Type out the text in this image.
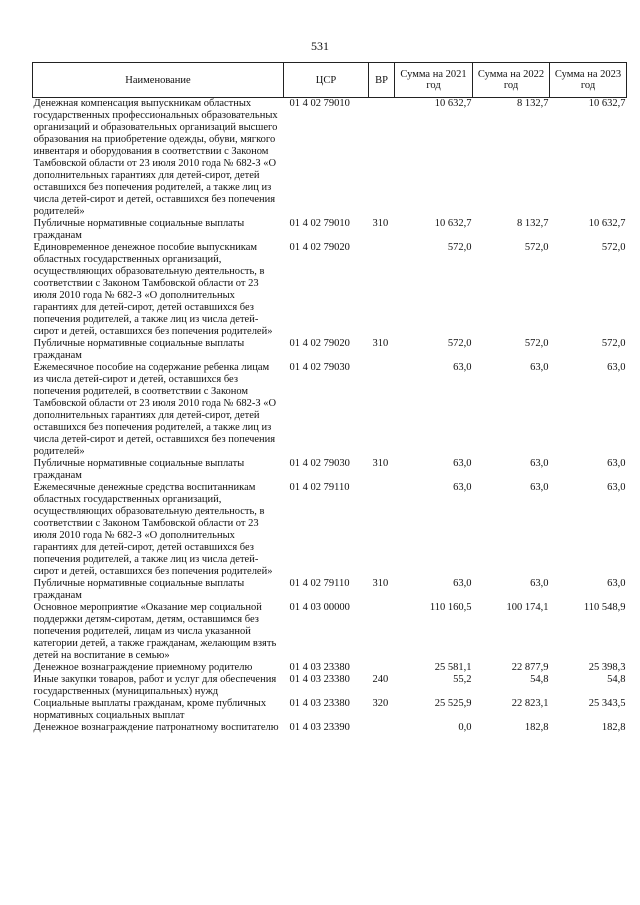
531
Наименование	ЦСР	ВР	Сумма на 2021 год	Сумма на 2022 год	Сумма на 2023 год
Денежная компенсация выпускникам областных государственных профессиональных образовательных организаций и образовательных организаций высшего образования на приобретение одежды, обуви, мягкого инвентаря и оборудования в соответствии с Законом Тамбовской области от 23 июля 2010 года № 682-З «О дополнительных гарантиях для детей-сирот, детей оставшихся без попечения родителей, а также лиц из числа детей-сирот и детей, оставшихся без попечения родителей»	01 4 02 79010		10 632,7	8 132,7	10 632,7
Публичные нормативные социальные выплаты гражданам	01 4 02 79010	310	10 632,7	8 132,7	10 632,7
Единовременное денежное пособие выпускникам областных государственных организаций, осуществляющих образовательную деятельность, в соответствии с Законом Тамбовской области от 23 июля 2010 года № 682-З «О дополнительных гарантиях для детей-сирот, детей оставшихся без попечения родителей, а также лиц из числа детей-сирот и детей, оставшихся без попечения родителей»	01 4 02 79020		572,0	572,0	572,0
Публичные нормативные социальные выплаты гражданам	01 4 02 79020	310	572,0	572,0	572,0
Ежемесячное пособие на содержание ребенка лицам из числа детей-сирот и детей, оставшихся без попечения родителей, в соответствии с Законом Тамбовской области от 23 июля 2010 года № 682-З «О дополнительных гарантиях для детей-сирот, детей оставшихся без попечения родителей, а также лиц из числа детей-сирот и детей, оставшихся без попечения родителей»	01 4 02 79030		63,0	63,0	63,0
Публичные нормативные социальные выплаты гражданам	01 4 02 79030	310	63,0	63,0	63,0
Ежемесячные денежные средства воспитанникам областных государственных организаций, осуществляющих образовательную деятельность, в соответствии с Законом Тамбовской области от 23 июля 2010 года № 682-З «О дополнительных гарантиях для детей-сирот, детей оставшихся без попечения родителей, а также лиц из числа детей-сирот и детей, оставшихся без попечения родителей»	01 4 02 79110		63,0	63,0	63,0
Публичные нормативные социальные выплаты гражданам	01 4 02 79110	310	63,0	63,0	63,0
Основное мероприятие «Оказание мер социальной поддержки детям-сиротам, детям, оставшимся без попечения родителей, лицам из числа указанной категории детей, а также гражданам, желающим взять детей на воспитание в семью»	01 4 03 00000		110 160,5	100 174,1	110 548,9
Денежное вознаграждение приемному родителю	01 4 03 23380		25 581,1	22 877,9	25 398,3
Иные закупки товаров, работ и услуг для обеспечения государственных (муниципальных) нужд	01 4 03 23380	240	55,2	54,8	54,8
Социальные выплаты гражданам, кроме публичных нормативных социальных выплат	01 4 03 23380	320	25 525,9	22 823,1	25 343,5
Денежное вознаграждение патронатному воспитателю	01 4 03 23390		0,0	182,8	182,8
